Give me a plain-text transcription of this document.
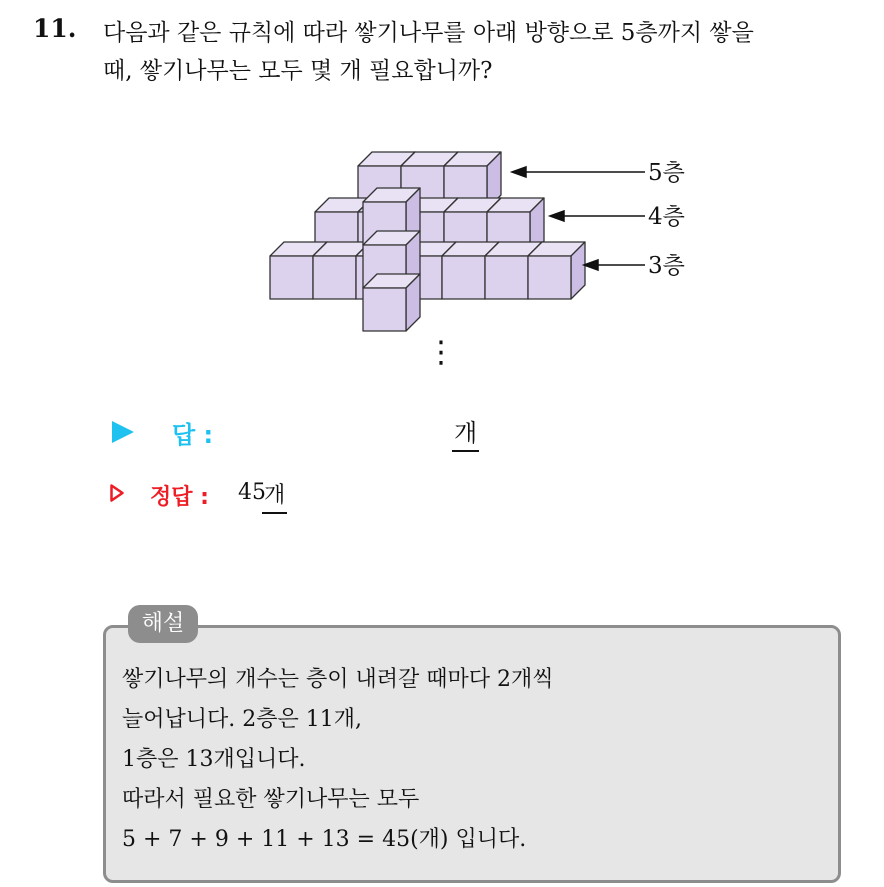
11. 다음과 같은 규칙에 따라 쌓기나무를 아래 방향으로 5층까지 쌓을
때, 쌓기나무는 모두 몇 개 필요합니까?
5층
4층
3층
⋮
답 :	개
정답 : 45
개
해설
쌓기나무의 개수는 층이 내려갈 때마다 2개씩
늘어납니다. 2층은 11개,
1층은 13개입니다.
따라서 필요한 쌓기나무는 모두
5 + 7 + 9 + 11 + 13 = 45(개) 입니다.
